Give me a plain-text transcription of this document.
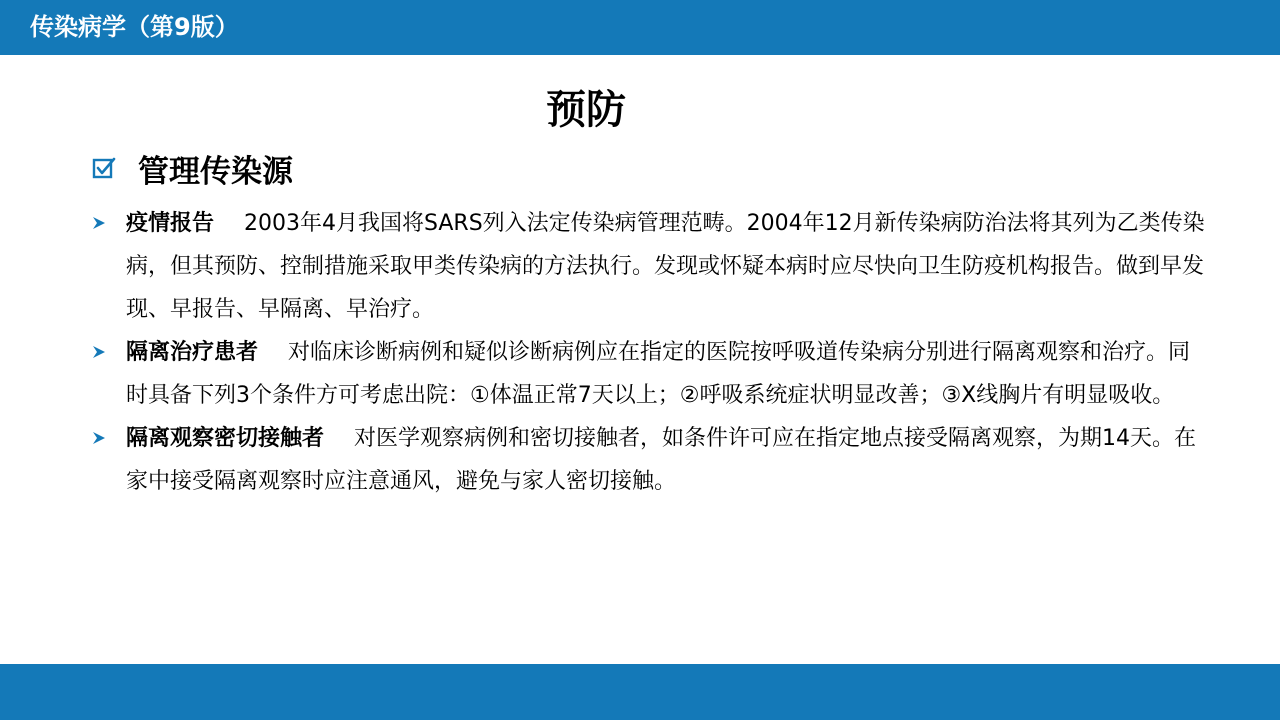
传染病学（第9版）
预防
管理传染源
疫情报告 2003年4月我国将SARS列入法定传染病管理范畴。2004年12月新传染病防治法将其列为乙类传染病，但其预防、控制措施采取甲类传染病的方法执行。发现或怀疑本病时应尽快向卫生防疫机构报告。做到早发现、早报告、早隔离、早治疗。
隔离治疗患者 对临床诊断病例和疑似诊断病例应在指定的医院按呼吸道传染病分别进行隔离观察和治疗。同时具备下列3个条件方可考虑出院：①体温正常7天以上；②呼吸系统症状明显改善；③X线胸片有明显吸收。
隔离观察密切接触者 对医学观察病例和密切接触者，如条件许可应在指定地点接受隔离观察，为期14天。在家中接受隔离观察时应注意通风，避免与家人密切接触。
